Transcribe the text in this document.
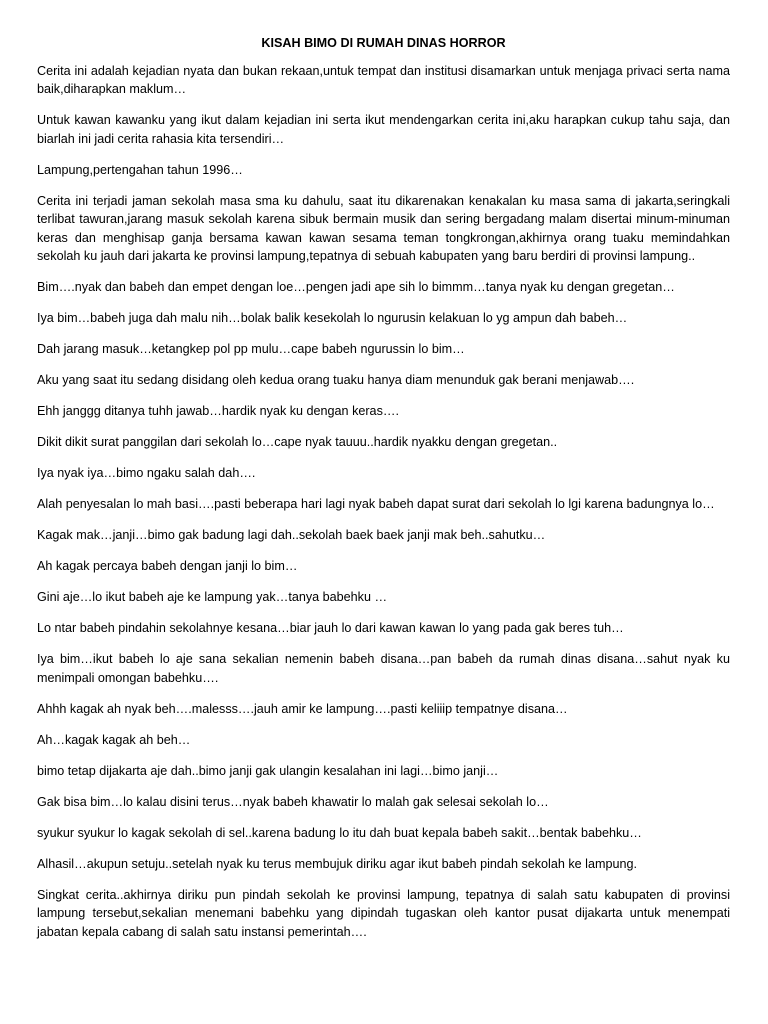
KISAH BIMO DI RUMAH DINAS HORROR

Cerita ini adalah kejadian nyata dan bukan rekaan,untuk tempat dan institusi disamarkan untuk menjaga privaci serta nama baik,diharapkan maklum…

Untuk kawan kawanku yang ikut dalam kejadian ini serta ikut mendengarkan cerita ini,aku harapkan cukup tahu saja, dan biarlah ini jadi cerita rahasia kita tersendiri…

Lampung,pertengahan tahun 1996…

Cerita ini terjadi jaman sekolah masa sma ku dahulu, saat itu dikarenakan kenakalan ku masa sama di jakarta,seringkali terlibat tawuran,jarang masuk sekolah karena sibuk bermain musik dan sering bergadang malam disertai minum-minuman keras dan menghisap ganja bersama kawan kawan sesama teman tongkrongan,akhirnya orang tuaku memindahkan sekolah ku jauh dari jakarta ke provinsi lampung,tepatnya di sebuah kabupaten yang baru berdiri di provinsi lampung..

Bim….nyak dan babeh dan empet dengan loe…pengen jadi ape sih lo bimmm…tanya nyak ku dengan gregetan…

Iya bim…babeh juga dah malu nih…bolak balik kesekolah lo ngurusin kelakuan lo yg ampun dah babeh…

Dah jarang masuk…ketangkep pol pp mulu…cape babeh ngurussin lo bim…

Aku yang saat itu sedang disidang oleh kedua orang tuaku hanya diam menunduk gak berani menjawab….

Ehh janggg ditanya tuhh jawab…hardik nyak ku dengan keras….

Dikit dikit surat panggilan dari sekolah lo…cape nyak tauuu..hardik nyakku dengan gregetan..

Iya nyak iya…bimo ngaku salah dah….

Alah penyesalan lo mah basi….pasti beberapa hari lagi nyak babeh dapat surat dari sekolah lo lgi karena badungnya lo…

Kagak mak…janji…bimo gak badung lagi dah..sekolah baek baek janji mak beh..sahutku…

Ah kagak percaya babeh dengan janji lo bim…

Gini aje…lo ikut babeh aje ke lampung yak…tanya babehku …

Lo ntar babeh pindahin sekolahnye kesana…biar jauh lo dari kawan kawan lo yang pada gak beres tuh…

Iya bim…ikut babeh lo aje sana sekalian nemenin babeh disana…pan babeh da rumah dinas disana…sahut nyak ku menimpali omongan babehku….

Ahhh kagak ah nyak beh….malesss….jauh amir ke lampung….pasti keliiip tempatnye disana…

Ah…kagak kagak ah beh…

bimo tetap dijakarta aje dah..bimo janji gak ulangin kesalahan ini lagi…bimo janji…

Gak bisa bim…lo kalau disini terus…nyak babeh khawatir lo malah gak selesai sekolah lo…

syukur syukur lo kagak sekolah di sel..karena badung lo itu dah buat kepala babeh sakit…bentak babehku…

Alhasil…akupun setuju..setelah nyak ku terus membujuk diriku agar ikut babeh pindah sekolah ke lampung.

Singkat cerita..akhirnya diriku pun pindah sekolah ke provinsi lampung, tepatnya di salah satu kabupaten di provinsi lampung tersebut,sekalian menemani babehku yang dipindah tugaskan oleh kantor pusat dijakarta untuk menempati jabatan kepala cabang di salah satu instansi pemerintah….
